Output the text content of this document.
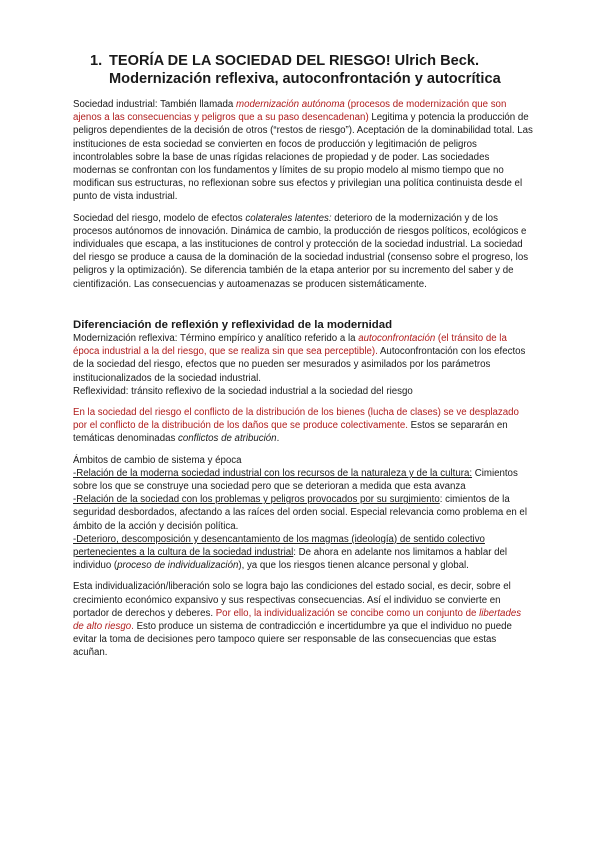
1. TEORÍA DE LA SOCIEDAD DEL RIESGO! Ulrich Beck.
Modernización reflexiva, autoconfrontación y autocrítica

Sociedad industrial: También llamada modernización autónoma (procesos de modernización que son ajenos a las consecuencias y peligros que a su paso desencadenan) Legitima y potencia la producción de peligros dependientes de la decisión de otros (“restos de riesgo”). Aceptación de la dominabilidad total. Las instituciones de esta sociedad se convierten en focos de producción y legitimación de peligros incontrolables sobre la base de unas rígidas relaciones de propiedad y de poder. Las sociedades modernas se confrontan con los fundamentos y límites de su propio modelo al mismo tiempo que no modifican sus estructuras, no reflexionan sobre sus efectos y privilegian una política continuista desde el punto de vista industrial.

Sociedad del riesgo, modelo de efectos colaterales latentes: deterioro de la modernización y de los procesos autónomos de innovación. Dinámica de cambio, la producción de riesgos políticos, ecológicos e individuales que escapa, a las instituciones de control y protección de la sociedad industrial. La sociedad del riesgo se produce a causa de la dominación de la sociedad industrial (consenso sobre el progreso, los peligros y la optimización). Se diferencia también de la etapa anterior por su incremento del saber y de cientifización. Las consecuencias y autoamenazas se producen sistemáticamente.

Diferenciación de reflexión y reflexividad de la modernidad

Modernización reflexiva: Término empírico y analítico referido a la autoconfrontación (el tránsito de la época industrial a la del riesgo, que se realiza sin que sea perceptible). Autoconfrontación con los efectos de la sociedad del riesgo, efectos que no pueden ser mesurados y asimilados por los parámetros institucionalizados de la sociedad industrial.

Reflexividad: tránsito reflexivo de la sociedad industrial a la sociedad del riesgo

En la sociedad del riesgo el conflicto de la distribución de los bienes (lucha de clases) se ve desplazado por el conflicto de la distribución de los daños que se produce colectivamente. Estos se separarán en temáticas denominadas conflictos de atribución.

Ámbitos de cambio de sistema y época

-Relación de la moderna sociedad industrial con los recursos de la naturaleza y de la cultura: Cimientos sobre los que se construye una sociedad pero que se deterioran a medida que esta avanza

-Relación de la sociedad con los problemas y peligros provocados por su surgimiento: cimientos de la seguridad desbordados, afectando a las raíces del orden social. Especial relevancia como problema en el ámbito de la acción y decisión política.

-Deterioro, descomposición y desencantamiento de los magmas (ideología) de sentido colectivo pertenecientes a la cultura de la sociedad industrial: De ahora en adelante nos limitamos a hablar del individuo (proceso de individualización), ya que los riesgos tienen alcance personal y global.

Esta individualización/liberación solo se logra bajo las condiciones del estado social, es decir, sobre el crecimiento económico expansivo y sus respectivas consecuencias. Así el individuo se convierte en portador de derechos y deberes. Por ello, la individualización se concibe como un conjunto de libertades de alto riesgo. Esto produce un sistema de contradicción e incertidumbre ya que el individuo no puede evitar la toma de decisiones pero tampoco quiere ser responsable de las consecuencias que estas acuñan.
